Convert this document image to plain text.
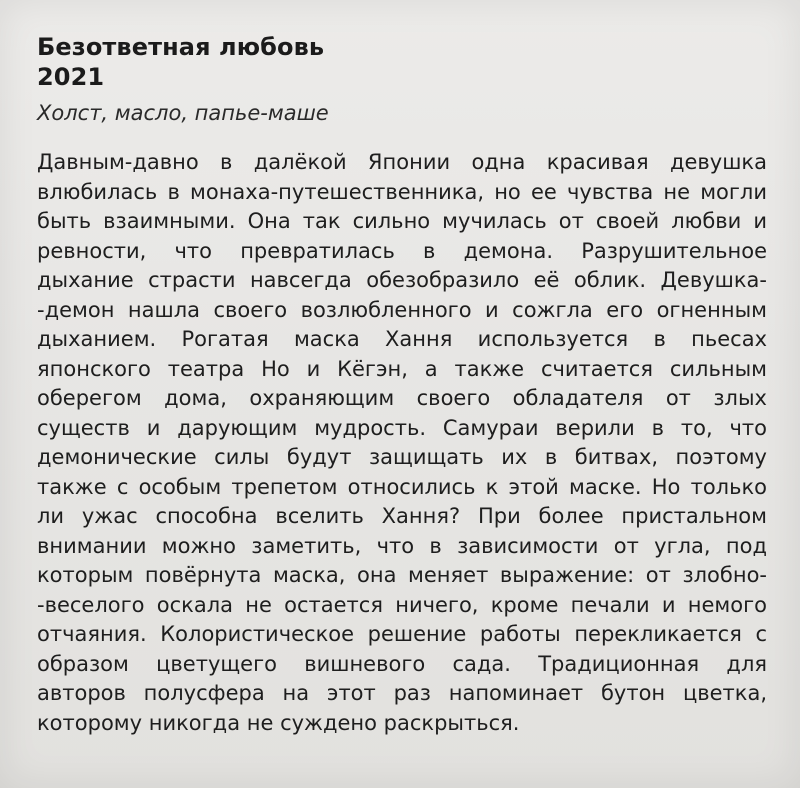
Безответная любовь
2021
Холст, масло, папье-маше
Давным-давно в далёкой Японии одна красивая девушка
влюбилась в монаха-путешественника, но ее чувства не могли
быть взаимными. Она так сильно мучилась от своей любви и
ревности, что превратилась в демона. Разрушительное
дыхание страсти навсегда обезобразило её облик. Девушка-
-демон нашла своего возлюбленного и сожгла его огненным
дыханием. Рогатая маска Хання используется в пьесах
японского театра Но и Кёгэн, а также считается сильным
оберегом дома, охраняющим своего обладателя от злых
существ и дарующим мудрость. Самураи верили в то, что
демонические силы будут защищать их в битвах, поэтому
также с особым трепетом относились к этой маске. Но только
ли ужас способна вселить Хання? При более пристальном
внимании можно заметить, что в зависимости от угла, под
которым повёрнута маска, она меняет выражение: от злобно-
-веселого оскала не остается ничего, кроме печали и немого
отчаяния. Колористическое решение работы перекликается с
образом цветущего вишневого сада. Традиционная для
авторов полусфера на этот раз напоминает бутон цветка,
которому никогда не суждено раскрыться.
